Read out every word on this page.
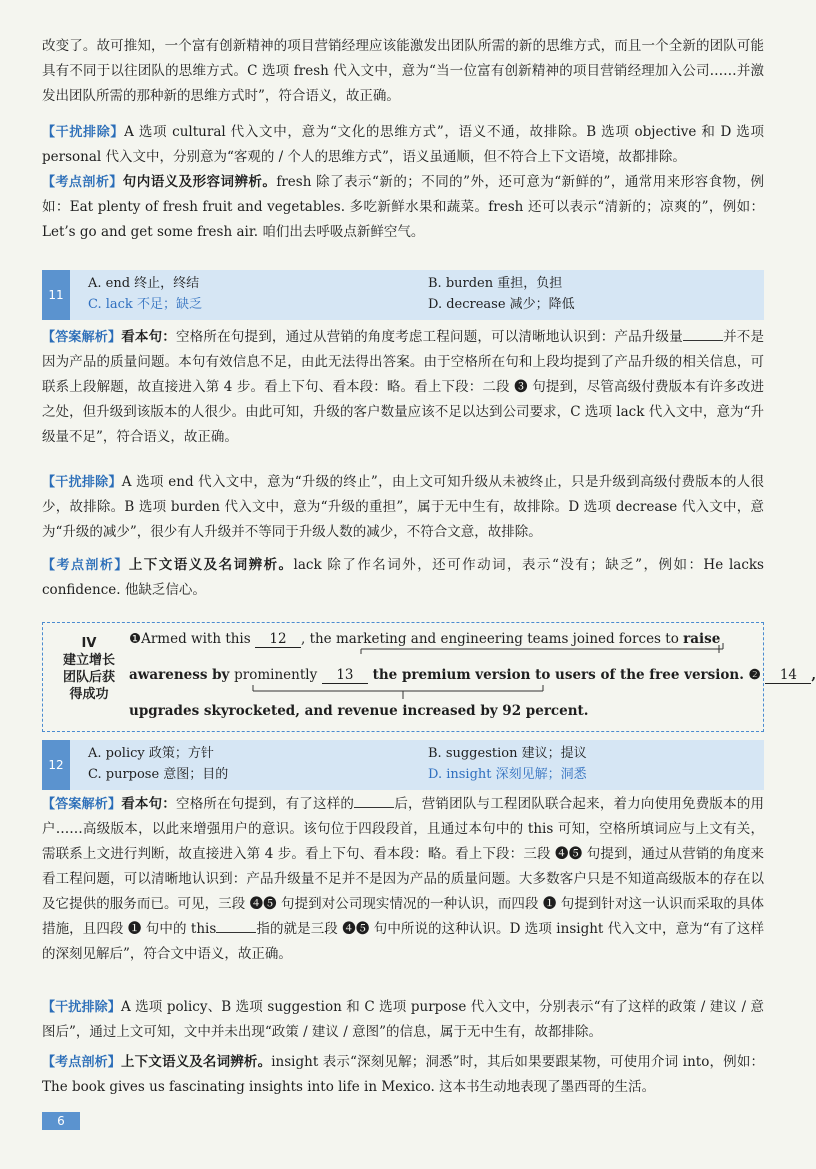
改变了。故可推知，一个富有创新精神的项目营销经理应该能激发出团队所需的新的思维方式，而且一个全新的团队可能具有不同于以往团队的思维方式。C 选项 fresh 代入文中，意为“当一位富有创新精神的项目营销经理加入公司……并激发出团队所需的那种新的思维方式时”，符合语义，故正确。

【干扰排除】A 选项 cultural 代入文中，意为“文化的思维方式”，语义不通，故排除。B 选项 objective 和 D 选项 personal 代入文中，分别意为“客观的 / 个人的思维方式”，语义虽通顺，但不符合上下文语境，故都排除。

【考点剖析】句内语义及形容词辨析。fresh 除了表示“新的；不同的”外，还可意为“新鲜的”，通常用来形容食物，例如：Eat plenty of fresh fruit and vegetables. 多吃新鲜水果和蔬菜。fresh 还可以表示“清新的；凉爽的”，例如：Let’s go and get some fresh air. 咱们出去呼吸点新鲜空气。

11
A. end 终止，终结	B. burden 重担，负担
C. lack 不足；缺乏	D. decrease 减少；降低

【答案解析】看本句：空格所在句提到，通过从营销的角度考虑工程问题，可以清晰地认识到：产品升级量	并不是因为产品的质量问题。本句有效信息不足，由此无法得出答案。由于空格所在句和上段均提到了产品升级的相关信息，可联系上段解题，故直接进入第 4 步。看上下句、看本段：略。看上下段：二段 ❸ 句提到，尽管高级付费版本有许多改进之处，但升级到该版本的人很少。由此可知，升级的客户数量应该不足以达到公司要求，C 选项 lack 代入文中，意为“升级量不足”，符合语义，故正确。

【干扰排除】A 选项 end 代入文中，意为“升级的终止”，由上文可知升级从未被终止，只是升级到高级付费版本的人很少，故排除。B 选项 burden 代入文中，意为“升级的重担”，属于无中生有，故排除。D 选项 decrease 代入文中，意为“升级的减少”，很少有人升级并不等同于升级人数的减少，不符合文意，故排除。

【考点剖析】上下文语义及名词辨析。lack 除了作名词外，还可作动词，表示“没有；缺乏”，例如：He lacks confidence. 他缺乏信心。

IV
建立增长
团队后获
得成功
❶Armed with this 12 , the marketing and engineering teams joined forces to raise
awareness by prominently 13 the premium version to users of the free version. ❷ 14 ,
upgrades skyrocketed, and revenue increased by 92 percent.
12
A. policy 政策；方针	B. suggestion 建议；提议
C. purpose 意图；目的	D. insight 深刻见解；洞悉

【答案解析】看本句：空格所在句提到，有了这样的	后，营销团队与工程团队联合起来，着力向使用免费版本的用户……高级版本，以此来增强用户的意识。该句位于四段段首，且通过本句中的 this 可知，空格所填词应与上文有关，需联系上文进行判断，故直接进入第 4 步。看上下句、看本段：略。看上下段：三段 ❹❺ 句提到，通过从营销的角度来看工程问题，可以清晰地认识到：产品升级量不足并不是因为产品的质量问题。大多数客户只是不知道高级版本的存在以及它提供的服务而已。可见，三段 ❹❺ 句提到对公司现实情况的一种认识，而四段 ❶ 句提到针对这一认识而采取的具体措施，且四段 ❶ 句中的 this	指的就是三段 ❹❺ 句中所说的这种认识。D 选项 insight 代入文中，意为“有了这样的深刻见解后”，符合文中语义，故正确。

【干扰排除】A 选项 policy、B 选项 suggestion 和 C 选项 purpose 代入文中，分别表示“有了这样的政策 / 建议 / 意图后”，通过上文可知，文中并未出现“政策 / 建议 / 意图”的信息，属于无中生有，故都排除。

【考点剖析】上下文语义及名词辨析。insight 表示“深刻见解；洞悉”时，其后如果要跟某物，可使用介词 into，例如：The book gives us fascinating insights into life in Mexico. 这本书生动地表现了墨西哥的生活。

6
